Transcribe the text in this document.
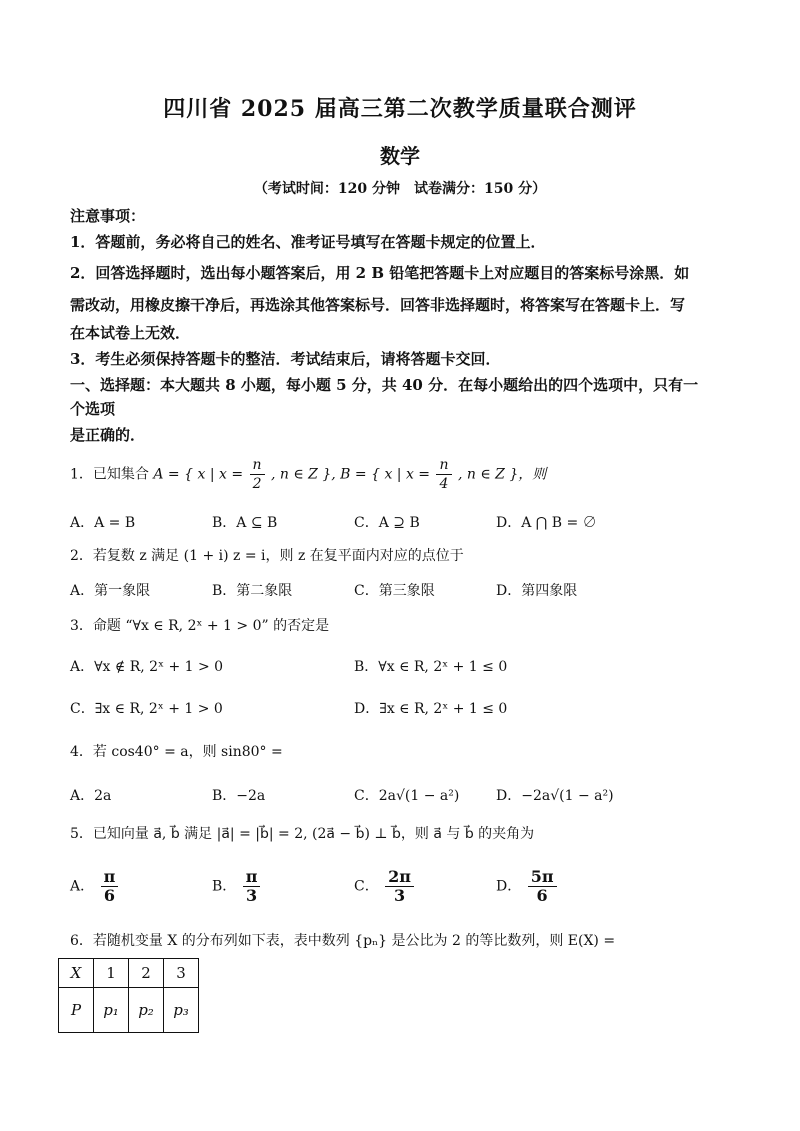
四川省 2025 届高三第二次教学质量联合测评
数学
（考试时间：120 分钟　试卷满分：150 分）
注意事项：
1．答题前，务必将自己的姓名、准考证号填写在答题卡规定的位置上．
2．回答选择题时，选出每小题答案后，用 2 B 铅笔把答题卡上对应题目的答案标号涂黑．如
需改动，用橡皮擦干净后，再选涂其他答案标号．回答非选择题时，将答案写在答题卡上．写
在本试卷上无效．
3．考生必须保持答题卡的整洁．考试结束后，请将答题卡交回．
一、选择题：本大题共 8 小题，每小题 5 分，共 40 分．在每小题给出的四个选项中，只有一
个选项
是正确的．
1．已知集合 A = { x | $x = \frac{n}{2}$ , n ∈ Z }, B = { x | $x = \frac{n}{4}$ , n ∈ Z }，则
A．A = B	B．A ⊆ B	C．A ⊇ B	D．A ⋂ B = ∅
2．若复数 z 满足 (1 + i) z = i，则 z 在复平面内对应的点位于
A．第一象限	B．第二象限	C．第三象限	D．第四象限
3．命题 “∀x ∈ R, 2ˣ + 1 > 0” 的否定是
A．∀x ∉ R, 2ˣ + 1 > 0	B．∀x ∈ R, 2ˣ + 1 ≤ 0
C．∃x ∈ R, 2ˣ + 1 > 0	D．∃x ∈ R, 2ˣ + 1 ≤ 0
4．若 cos40° = a，则 sin80° =
A．2a	B．−2a	C．2a√(1 − a²)	D．−2a√(1 − a²)
5．已知向量 a⃗, b⃗ 满足 |a⃗| = |b⃗| = 2, (2a⃗ − b⃗) ⊥ b⃗，则 a⃗ 与 b⃗ 的夹角为
A． $\frac{\pi}{6}$	B． $\frac{\pi}{3}$	C． $\frac{2\pi}{3}$	D． $\frac{5\pi}{6}$
6．若随机变量 X 的分布列如下表，表中数列 {pₙ} 是公比为 2 的等比数列，则 E(X) =
X	1	2	3
P	p₁	p₂	p₃
